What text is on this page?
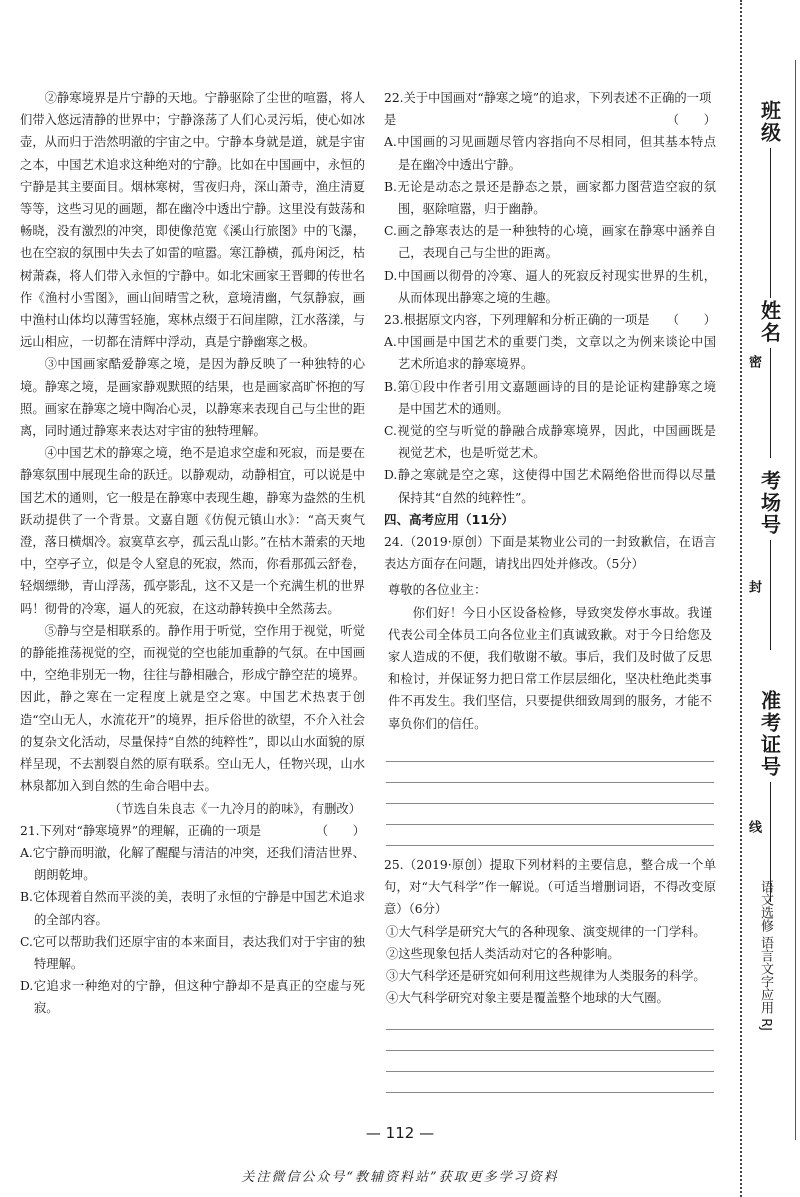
②静寒境界是片宁静的天地。宁静驱除了尘世的喧嚣，将人们带入悠远清静的世界中；宁静涤荡了人们心灵污垢，使心如冰壶，从而归于浩然明澈的宇宙之中。宁静本身就是道，就是宇宙之本，中国艺术追求这种绝对的宁静。比如在中国画中，永恒的宁静是其主要面目。烟林寒树，雪夜归舟，深山萧寺，渔庄清夏等等，这些习见的画题，都在幽冷中透出宁静。这里没有鼓荡和畅晓，没有激烈的冲突，即使像范宽《溪山行旅图》中的飞瀑，也在空寂的氛围中失去了如雷的喧嚣。寒江静横，孤舟闲泛，枯树萧森，将人们带入永恒的宁静中。如北宋画家王晋卿的传世名作《渔村小雪图》，画山间晴雪之秋，意境清幽，气氛静寂，画中渔村山体均以薄雪轻施，寒林点缀于石间崖隙，江水落漾，与远山相应，一切都在清辉中浮动，真是宁静幽寒之极。

③中国画家酷爱静寒之境，是因为静反映了一种独特的心境。静寒之境，是画家静观默照的结果，也是画家高旷怀抱的写照。画家在静寒之境中陶冶心灵，以静寒来表现自己与尘世的距离，同时通过静寒来表达对宇宙的独特理解。

④中国艺术的静寒之境，绝不是追求空虚和死寂，而是要在静寒氛围中展现生命的跃迁。以静观动，动静相宜，可以说是中国艺术的通则，它一般是在静寒中表现生趣，静寒为盎然的生机跃动提供了一个背景。文嘉自题《仿倪元镇山水》：“高天爽气澄，落日横烟冷。寂寞草玄亭，孤云乱山影。”在枯木萧索的天地中，空亭孑立，似是令人窒息的死寂，然而，你看那孤云舒卷，轻烟缥缈，青山浮荡，孤亭影乱，这不又是一个充满生机的世界吗！彻骨的冷寒，逼人的死寂，在这动静转换中全然荡去。

⑤静与空是相联系的。静作用于听觉，空作用于视觉，听觉的静能推荡视觉的空，而视觉的空也能加重静的气氛。在中国画中，空绝非别无一物，往往与静相融合，形成宁静空茫的境界。因此，静之寒在一定程度上就是空之寒。中国艺术热衷于创造“空山无人，水流花开”的境界，拒斥俗世的欲望，不介入社会的复杂文化活动，尽量保持“自然的纯粹性”，即以山水面貌的原样呈现，不去割裂自然的原有联系。空山无人，任物兴现，山水林泉都加入到自然的生命合唱中去。

（节选自朱良志《一九冷月的韵味》，有删改）

21.下列对“静寒境界”的理解，正确的一项是	（　　）

A.它宁静而明澈，化解了醒醍与清洁的冲突，还我们清洁世界、朗朗乾坤。

B.它体现着自然而平淡的美，表明了永恒的宁静是中国艺术追求的全部内容。

C.它可以帮助我们还原宇宙的本来面目，表达我们对于宇宙的独特理解。

D.它追求一种绝对的宁静，但这种宁静却不是真正的空虚与死寂。

22.关于中国画对“静寒之境”的追求，下列表述不正确的一项是	（　　）

A.中国画的习见画题尽管内容指向不尽相同，但其基本特点是在幽冷中透出宁静。

B.无论是动态之景还是静态之景，画家都力图营造空寂的氛围，驱除喧嚣，归于幽静。

C.画之静寒表达的是一种独特的心境，画家在静寒中涵养自己，表现自己与尘世的距离。

D.中国画以彻骨的冷寒、逼人的死寂反衬现实世界的生机，从而体现出静寒之境的生趣。

23.根据原文内容，下列理解和分析正确的一项是 （　　）

A.中国画是中国艺术的重要门类，文章以之为例来谈论中国艺术所追求的静寒境界。

B.第①段中作者引用文嘉题画诗的目的是论证构建静寒之境是中国艺术的通则。

C.视觉的空与听觉的静融合成静寒境界，因此，中国画既是视觉艺术，也是听觉艺术。

D.静之寒就是空之寒，这使得中国艺术隔绝俗世而得以尽量保持其“自然的纯粹性”。

四、高考应用（11分）

24.（2019·原创）下面是某物业公司的一封致歉信，在语言表达方面存在问题，请找出四处并修改。（5分）

尊敬的各位业主：

你们好！今日小区设备检修，导致突发停水事故。我谨代表公司全体员工向各位业主们真诚致歉。对于今日给您及家人造成的不便，我们敬谢不敏。事后，我们及时做了反思和检讨，并保证努力把日常工作层层细化，坚决杜绝此类事件不再发生。我们坚信，只要提供细致周到的服务，才能不辜负你们的信任。

25.（2019·原创）提取下列材料的主要信息，整合成一个单句，对“大气科学”作一解说。（可适当增删词语，不得改变原意）（6分）

①大气科学是研究大气的各种现象、演变规律的一门学科。

②这些现象包括人类活动对它的各种影响。

③大气科学还是研究如何利用这些规律为人类服务的科学。

④大气科学研究对象主要是覆盖整个地球的大气圈。

— 112 —
关注微信公众号“教辅资料站”获取更多学习资料
班级
姓名
考场号
准考证号
密
封
线
语文选修 语言文字应用 RJ
